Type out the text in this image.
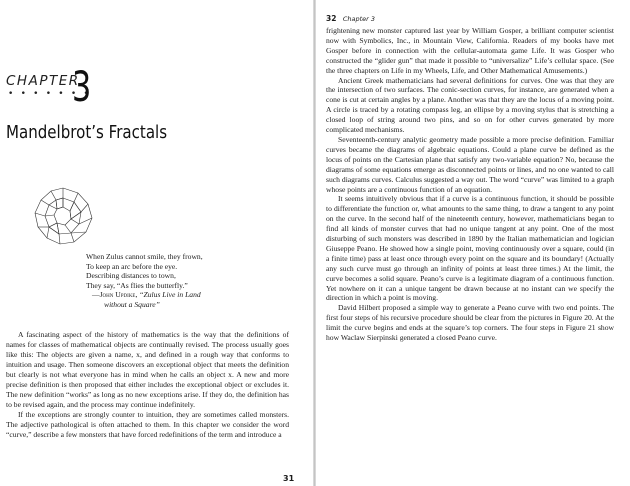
CHAPTER
• • • • • • •
3
Mandelbrot’s Fractals
When Zulus cannot smile, they frown,
To keep an arc before the eye.
Describing distances to town,
They say, “As flies the butterfly.”
—John Updike, “Zulus Live in Land
without a Square”

A fascinating aspect of the history of mathematics is the way that the definitions of names for classes of mathematical objects are continually revised. The process usually goes like this: The objects are given a name, x, and defined in a rough way that conforms to intuition and usage. Then someone discovers an exceptional object that meets the definition but clearly is not what everyone has in mind when he calls an object x. A new and more precise definition is then proposed that either includes the exceptional object or excludes it. The new definition “works” as long as no new exceptions arise. If they do, the definition has to be revised again, and the process may continue indefinitely.

If the exceptions are strongly counter to intuition, they are sometimes called monsters. The adjective pathological is often attached to them. In this chapter we consider the word “curve,” describe a few monsters that have forced redefinitions of the term and introduce a

31
32 Chapter 3

frightening new monster captured last year by William Gosper, a brilliant computer scientist now with Symbolics, Inc., in Mountain View, California. Readers of my books have met Gosper before in connection with the cellular-automata game Life. It was Gosper who constructed the “glider gun” that made it possible to “universalize” Life’s cellular space. (See the three chapters on Life in my Wheels, Life, and Other Mathematical Amusements.)

Ancient Greek mathematicians had several definitions for curves. One was that they are the intersection of two surfaces. The conic-section curves, for instance, are generated when a cone is cut at certain angles by a plane. Another was that they are the locus of a moving point. A circle is traced by a rotating compass leg, an ellipse by a moving stylus that is stretching a closed loop of string around two pins, and so on for other curves generated by more complicated mechanisms.

Seventeenth-century analytic geometry made possible a more precise definition. Familiar curves became the diagrams of algebraic equations. Could a plane curve be defined as the locus of points on the Cartesian plane that satisfy any two-variable equation? No, because the diagrams of some equations emerge as disconnected points or lines, and no one wanted to call such diagrams curves. Calculus suggested a way out. The word “curve” was limited to a graph whose points are a continuous function of an equation.

It seems intuitively obvious that if a curve is a continuous function, it should be possible to differentiate the function or, what amounts to the same thing, to draw a tangent to any point on the curve. In the second half of the nineteenth century, however, mathematicians began to find all kinds of monster curves that had no unique tangent at any point. One of the most disturbing of such monsters was described in 1890 by the Italian mathematician and logician Giuseppe Peano. He showed how a single point, moving continuously over a square, could (in a finite time) pass at least once through every point on the square and its boundary! (Actually any such curve must go through an infinity of points at least three times.) At the limit, the curve becomes a solid square. Peano’s curve is a legitimate diagram of a continuous function. Yet nowhere on it can a unique tangent be drawn because at no instant can we specify the direction in which a point is moving.

David Hilbert proposed a simple way to generate a Peano curve with two end points. The first four steps of his recursive procedure should be clear from the pictures in Figure 20. At the limit the curve begins and ends at the square’s top corners. The four steps in Figure 21 show how Waclaw Sierpinski generated a closed Peano curve.
